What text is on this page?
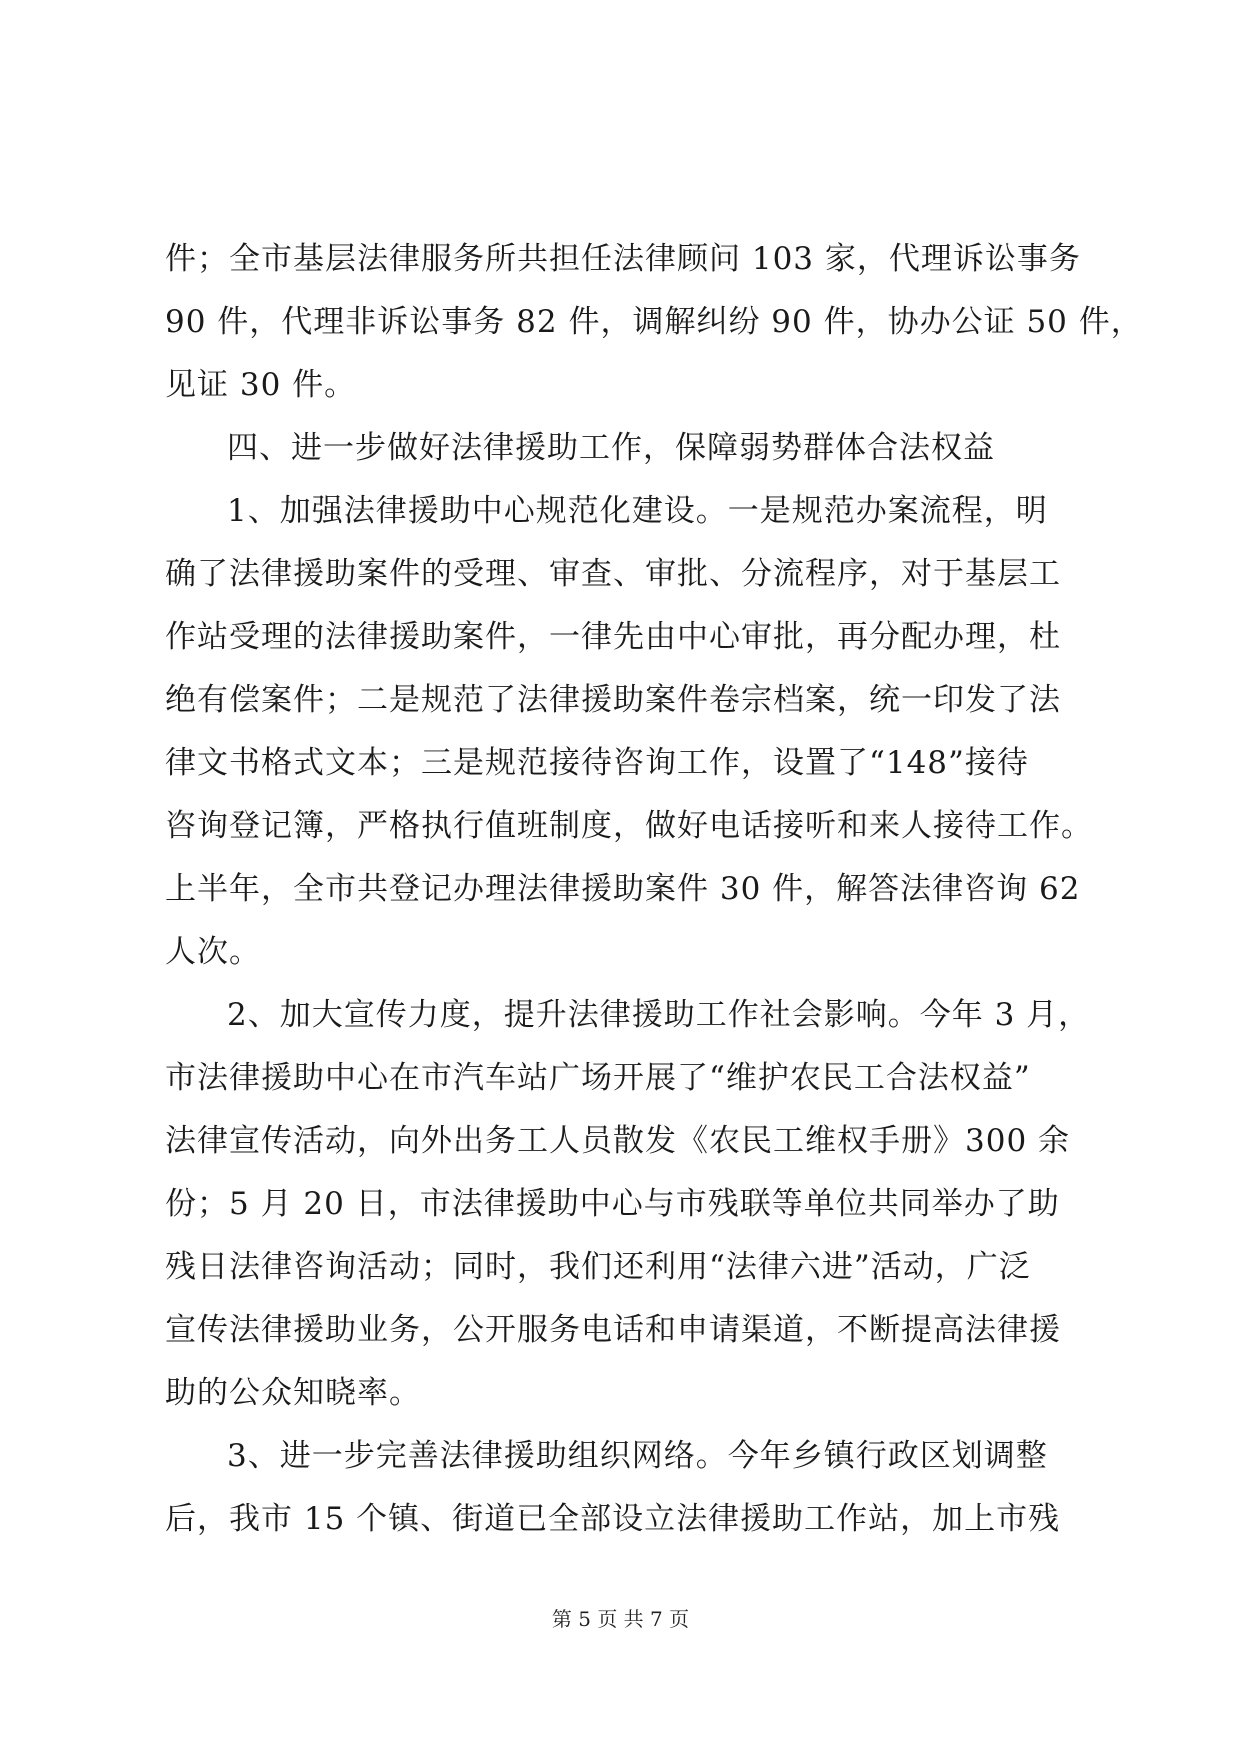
件；全市基层法律服务所共担任法律顾问 103 家，代理诉讼事务
90 件，代理非诉讼事务 82 件，调解纠纷 90 件，协办公证 50 件，
见证 30 件。
四、进一步做好法律援助工作，保障弱势群体合法权益
1、加强法律援助中心规范化建设。一是规范办案流程，明
确了法律援助案件的受理、审查、审批、分流程序，对于基层工
作站受理的法律援助案件，一律先由中心审批，再分配办理，杜
绝有偿案件；二是规范了法律援助案件卷宗档案，统一印发了法
律文书格式文本；三是规范接待咨询工作，设置了“148”接待
咨询登记簿，严格执行值班制度，做好电话接听和来人接待工作。
上半年，全市共登记办理法律援助案件 30 件，解答法律咨询 62
人次。
2、加大宣传力度，提升法律援助工作社会影响。今年 3 月，
市法律援助中心在市汽车站广场开展了“维护农民工合法权益”
法律宣传活动，向外出务工人员散发《农民工维权手册》300 余
份；5 月 20 日，市法律援助中心与市残联等单位共同举办了助
残日法律咨询活动；同时，我们还利用“法律六进”活动，广泛
宣传法律援助业务，公开服务电话和申请渠道，不断提高法律援
助的公众知晓率。
3、进一步完善法律援助组织网络。今年乡镇行政区划调整
后，我市 15 个镇、街道已全部设立法律援助工作站，加上市残
第 5 页 共 7 页
